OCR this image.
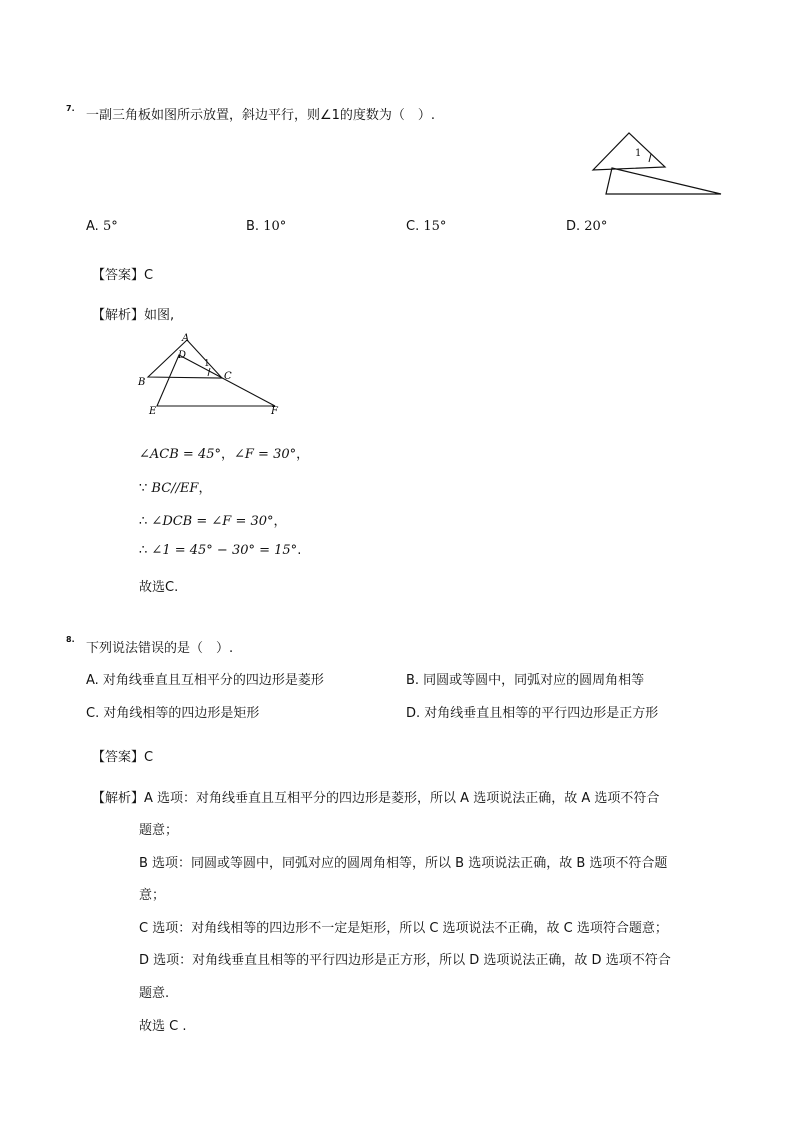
7. 一副三角板如图所示放置，斜边平行，则∠1的度数为（　）.
1
A. 5°	B. 10°	C. 15°	D. 20°
【答案】C
【解析】如图,
A
B
C
D
E	F
1
∠ACB = 45°，∠F = 30°，
∵ BC//EF，
∴ ∠DCB = ∠F = 30°，
∴ ∠1 = 45° − 30° = 15°.
故选C.
8.
下列说法错误的是（　）.
A. 对角线垂直且互相平分的四边形是菱形	B. 同圆或等圆中，同弧对应的圆周角相等
C. 对角线相等的四边形是矩形	D. 对角线垂直且相等的平行四边形是正方形
【答案】C
【解析】A 选项：对角线垂直且互相平分的四边形是菱形，所以 A 选项说法正确，故 A 选项不符合
题意；
B 选项：同圆或等圆中，同弧对应的圆周角相等，所以 B 选项说法正确，故 B 选项不符合题
意；
C 选项：对角线相等的四边形不一定是矩形，所以 C 选项说法不正确，故 C 选项符合题意；
D 选项：对角线垂直且相等的平行四边形是正方形，所以 D 选项说法正确，故 D 选项不符合
题意.
故选 C .
